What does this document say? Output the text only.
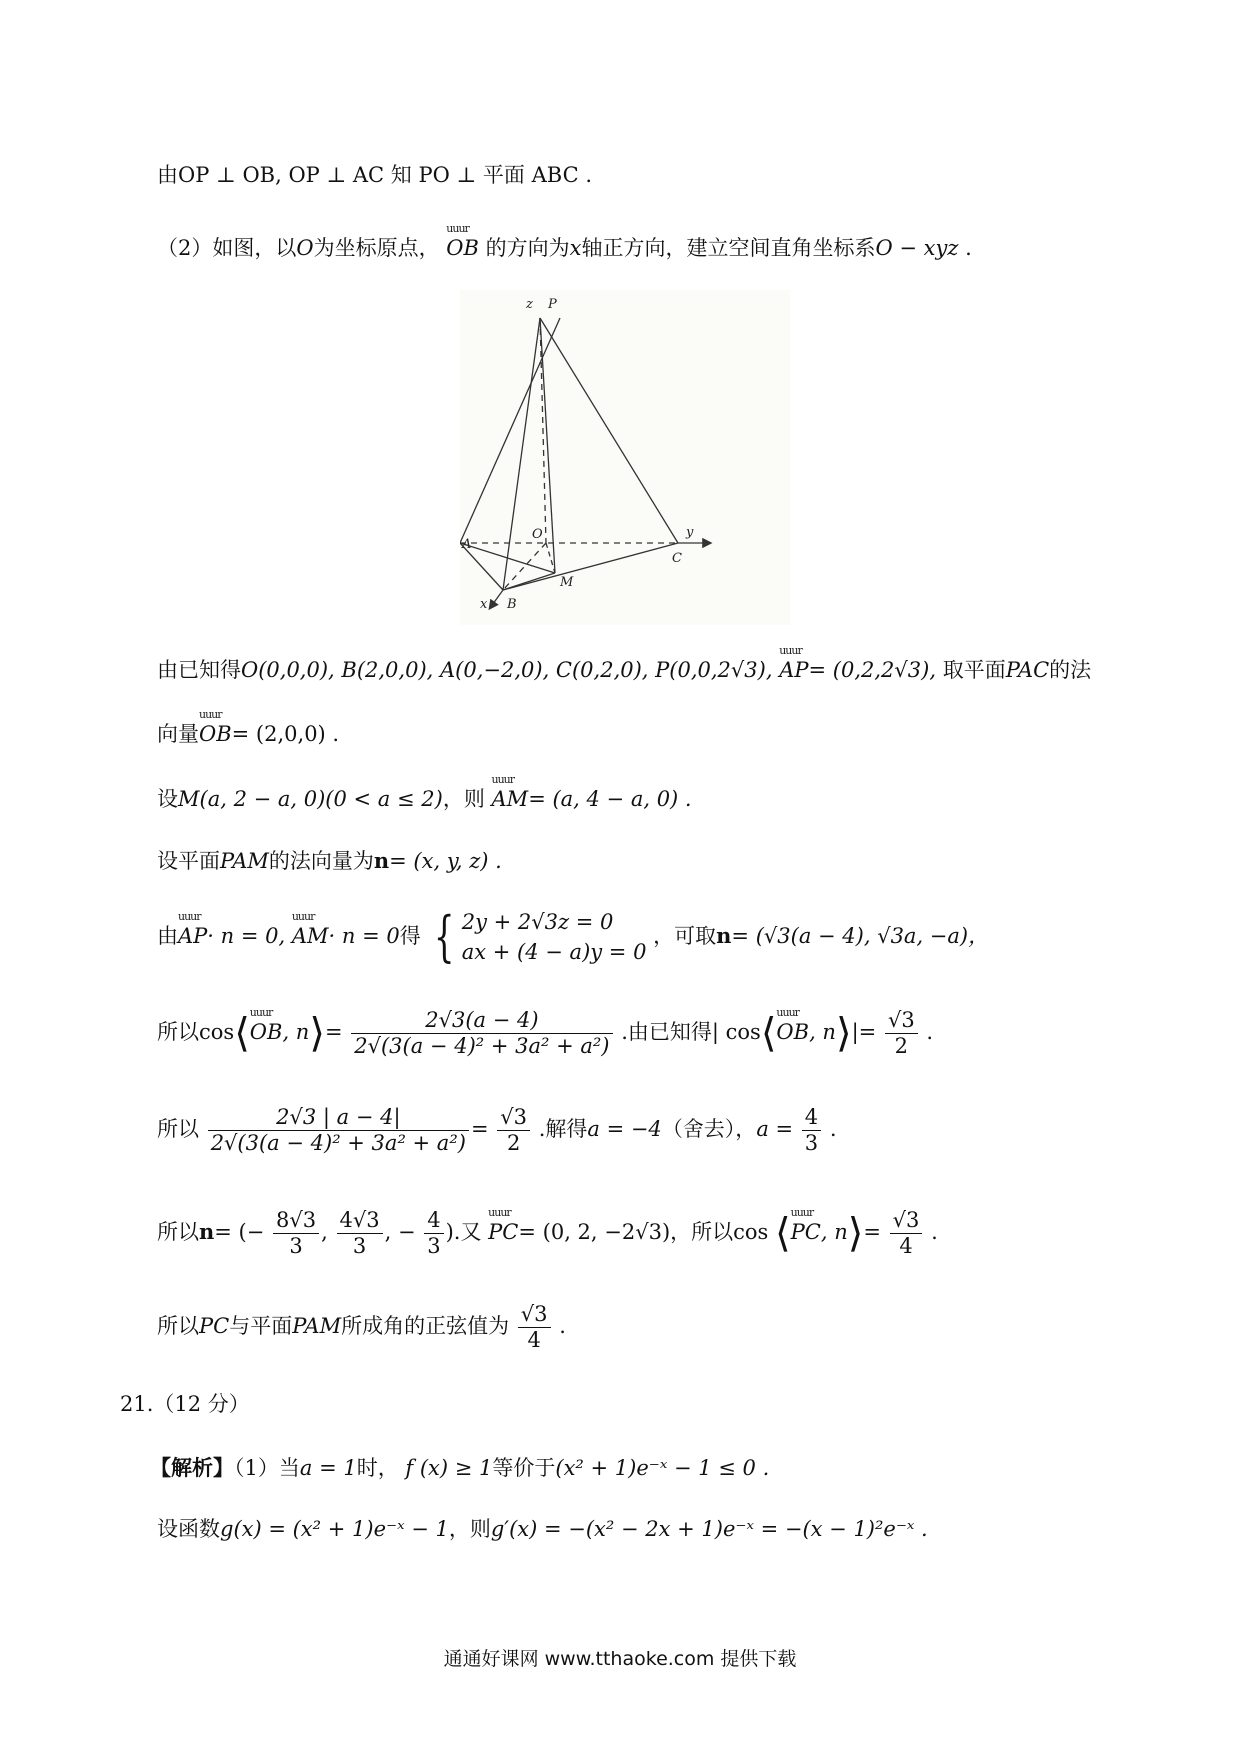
由OP ⊥ OB, OP ⊥ AC 知 PO ⊥ 平面 ABC .
（2）如图，以O为坐标原点， uuur OB 的方向为x轴正方向，建立空间直角坐标系O − xyz .
z P
A
O	y
C
M
x B
由已知得O(0,0,0), B(2,0,0), A(0,−2,0), C(0,2,0), P(0,0,2√3), uuur AP= (0,2,2√3), 取平面PAC的法
向量uuur OB= (2,0,0) .
设M(a, 2 − a, 0)(0 < a ≤ 2)，则 uuur AM= (a, 4 − a, 0) .
设平面PAM的法向量为n= (x, y, z) .
由uuur AP· n = 0, uuur AM· n = 0得 { 2y + 2√3z = 0
ax + (4 − a)y = 0
，可取n= (√3(a − 4), √3a, −a)，
所以cos⟨uuur OB, n⟩= $\frac{2√3(a - 4)}{\text{2√(3(a − 4)² + 3a² + a²)}}$ .由已知得| cos⟨uuur OB, n⟩|= $\frac{√3}{2}$ .
所以 $\frac{2√3 | a - 4|}{\text{2√(3(a − 4)² + 3a² + a²)}} = \frac{√3}{2}$ .解得a = −4（舍去），$a = \frac{4}{3}$ .
所以n= (− $\frac{8√3}{3}$ , $\frac{4√3}{3}$ , − $\frac{4}{3}$ ).又 uuur PC= (0, 2, −2√3)，所以cos ⟨uuur PC, n⟩= $\frac{√3}{4}$ .
所以PC与平面PAM所成角的正弦值为 $\frac{√3}{4}$ .
21.（12 分）
【解析】（1）当a = 1时， f (x) ≥ 1等价于(x² + 1)e⁻ˣ − 1 ≤ 0 .
设函数g(x) = (x² + 1)e⁻ˣ − 1，则g′(x) = −(x² − 2x + 1)e⁻ˣ = −(x − 1)²e⁻ˣ .
通通好课网 www.tthaoke.com 提供下载
